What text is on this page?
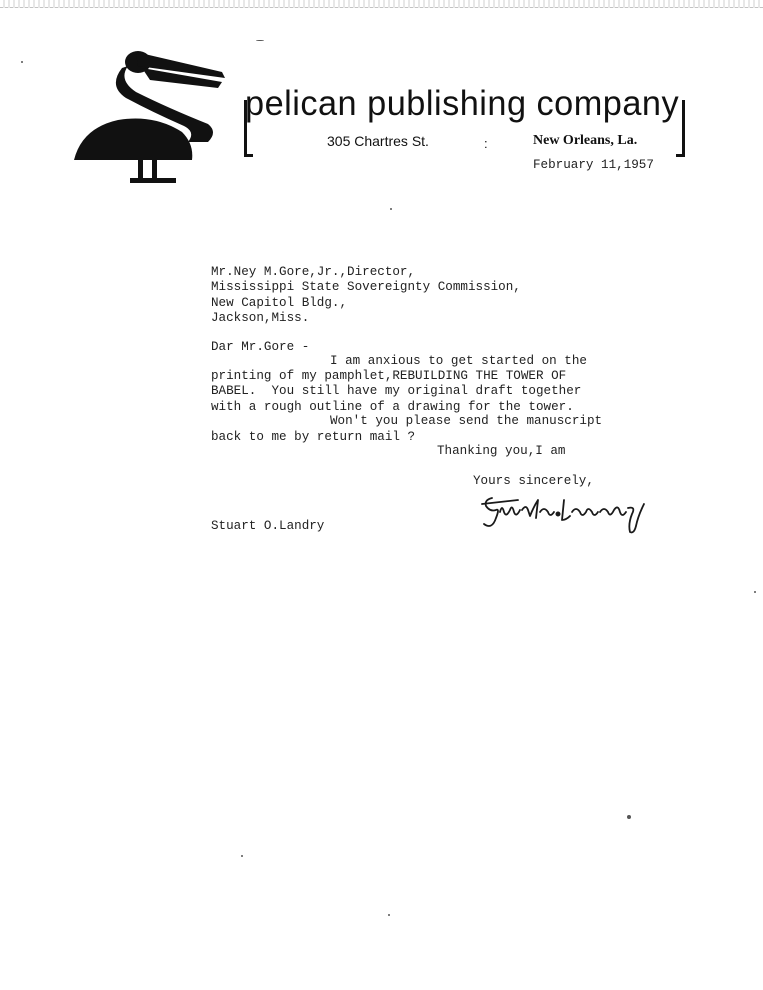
pelican publishing company
305 Chartres St.	:	New Orleans, La.
February 11,1957
Mr.Ney M.Gore,Jr.,Director,
Mississippi State Sovereignty Commission,
New Capitol Bldg.,
Jackson,Miss.
Dar Mr.Gore -
I am anxious to get started on the
printing of my pamphlet,REBUILDING THE TOWER OF
BABEL.  You still have my original draft together
with a rough outline of a drawing for the tower.
Won't you please send the manuscript
back to me by return mail ?
Thanking you,I am
Yours sincerely,
Stuart O.Landry
